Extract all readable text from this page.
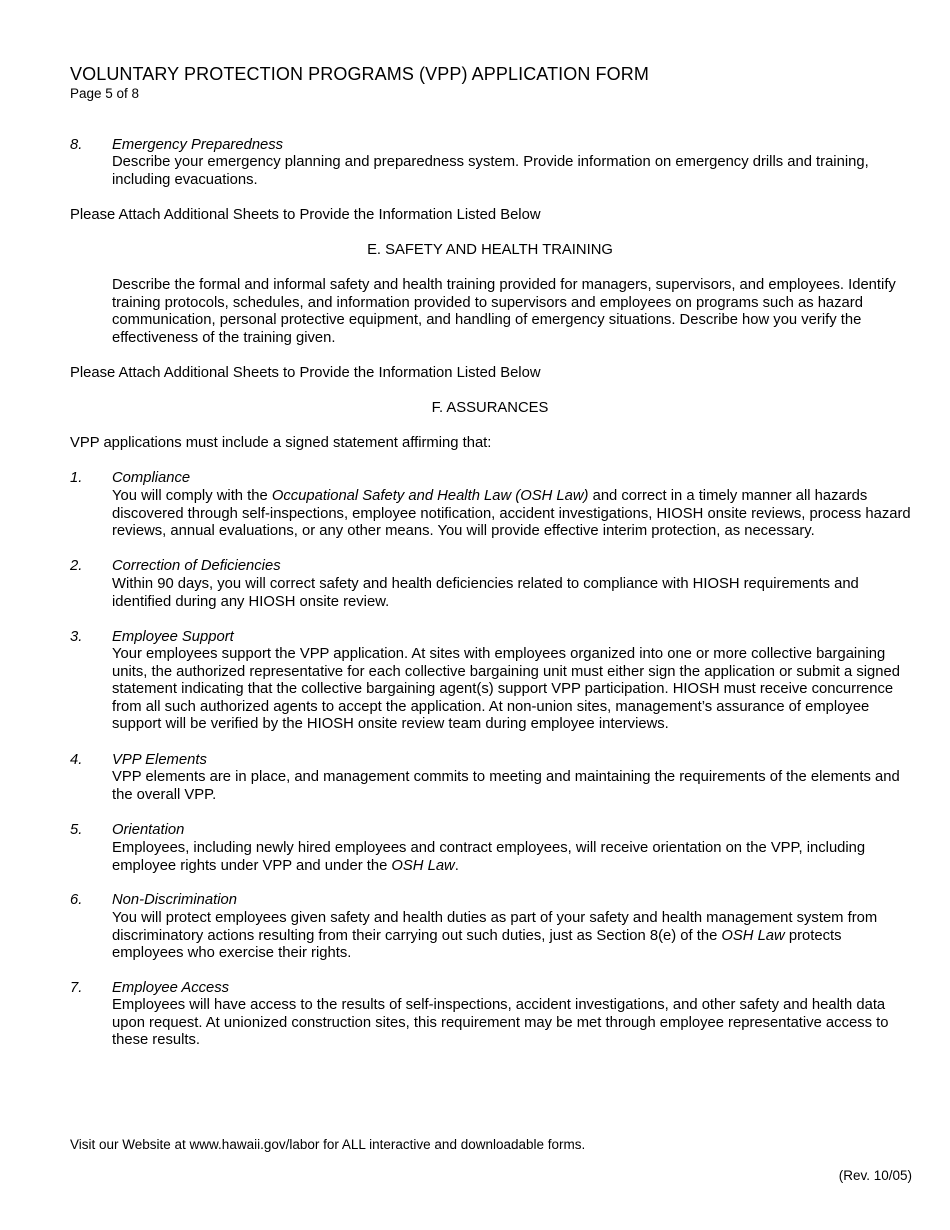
VOLUNTARY PROTECTION PROGRAMS (VPP) APPLICATION FORM
Page 5 of 8
8. Emergency Preparedness
Describe your emergency planning and preparedness system. Provide information on emergency drills and training, including evacuations.
Please Attach Additional Sheets to Provide the Information Listed Below
E. SAFETY AND HEALTH TRAINING
Describe the formal and informal safety and health training provided for managers, supervisors, and employees. Identify training protocols, schedules, and information provided to supervisors and employees on programs such as hazard communication, personal protective equipment, and handling of emergency situations. Describe how you verify the effectiveness of the training given.
Please Attach Additional Sheets to Provide the Information Listed Below
F. ASSURANCES
VPP applications must include a signed statement affirming that:
1. Compliance
You will comply with the Occupational Safety and Health Law (OSH Law) and correct in a timely manner all hazards discovered through self-inspections, employee notification, accident investigations, HIOSH onsite reviews, process hazard reviews, annual evaluations, or any other means. You will provide effective interim protection, as necessary.
2. Correction of Deficiencies
Within 90 days, you will correct safety and health deficiencies related to compliance with HIOSH requirements and identified during any HIOSH onsite review.
3. Employee Support
Your employees support the VPP application. At sites with employees organized into one or more collective bargaining units, the authorized representative for each collective bargaining unit must either sign the application or submit a signed statement indicating that the collective bargaining agent(s) support VPP participation. HIOSH must receive concurrence from all such authorized agents to accept the application. At non-union sites, management’s assurance of employee support will be verified by the HIOSH onsite review team during employee interviews.
4. VPP Elements
VPP elements are in place, and management commits to meeting and maintaining the requirements of the elements and the overall VPP.
5. Orientation
Employees, including newly hired employees and contract employees, will receive orientation on the VPP, including employee rights under VPP and under the OSH Law.
6. Non-Discrimination
You will protect employees given safety and health duties as part of your safety and health management system from discriminatory actions resulting from their carrying out such duties, just as Section 8(e) of the OSH Law protects employees who exercise their rights.
7. Employee Access
Employees will have access to the results of self-inspections, accident investigations, and other safety and health data upon request. At unionized construction sites, this requirement may be met through employee representative access to these results.
Visit our Website at www.hawaii.gov/labor for ALL interactive and downloadable forms.
(Rev. 10/05)
